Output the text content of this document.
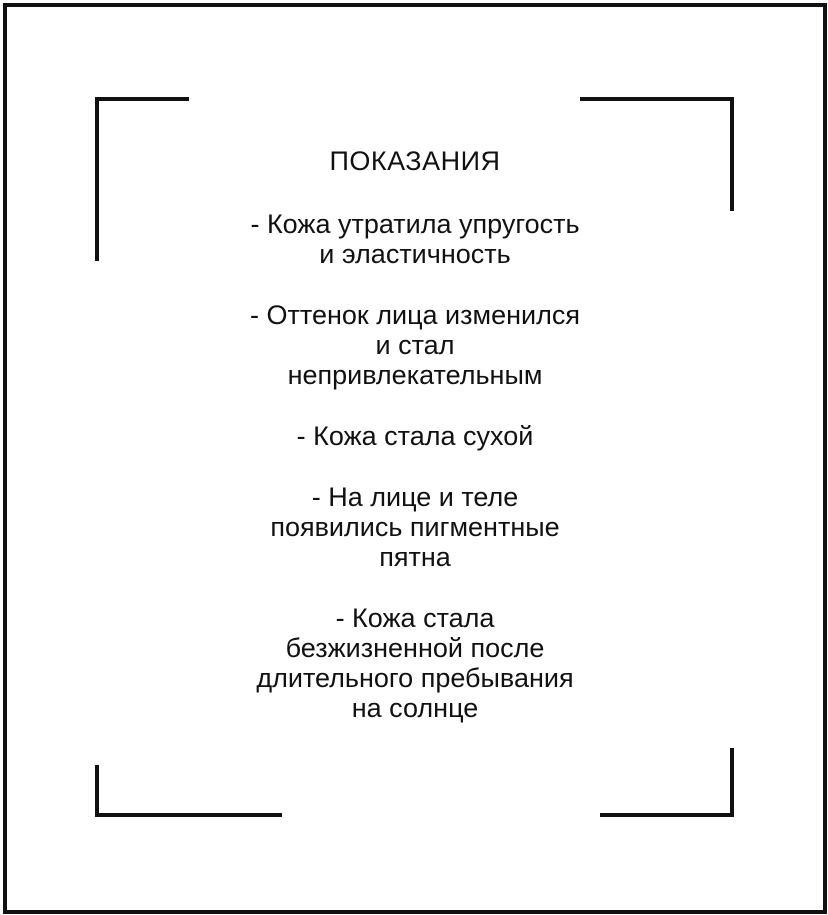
ПОКАЗАНИЯ
- Кожа утратила упругость
и эластичность
- Оттенок лица изменился
и стал
непривлекательным
- Кожа стала сухой
- На лице и теле
появились пигментные
пятна
- Кожа стала
безжизненной после
длительного пребывания
на солнце
